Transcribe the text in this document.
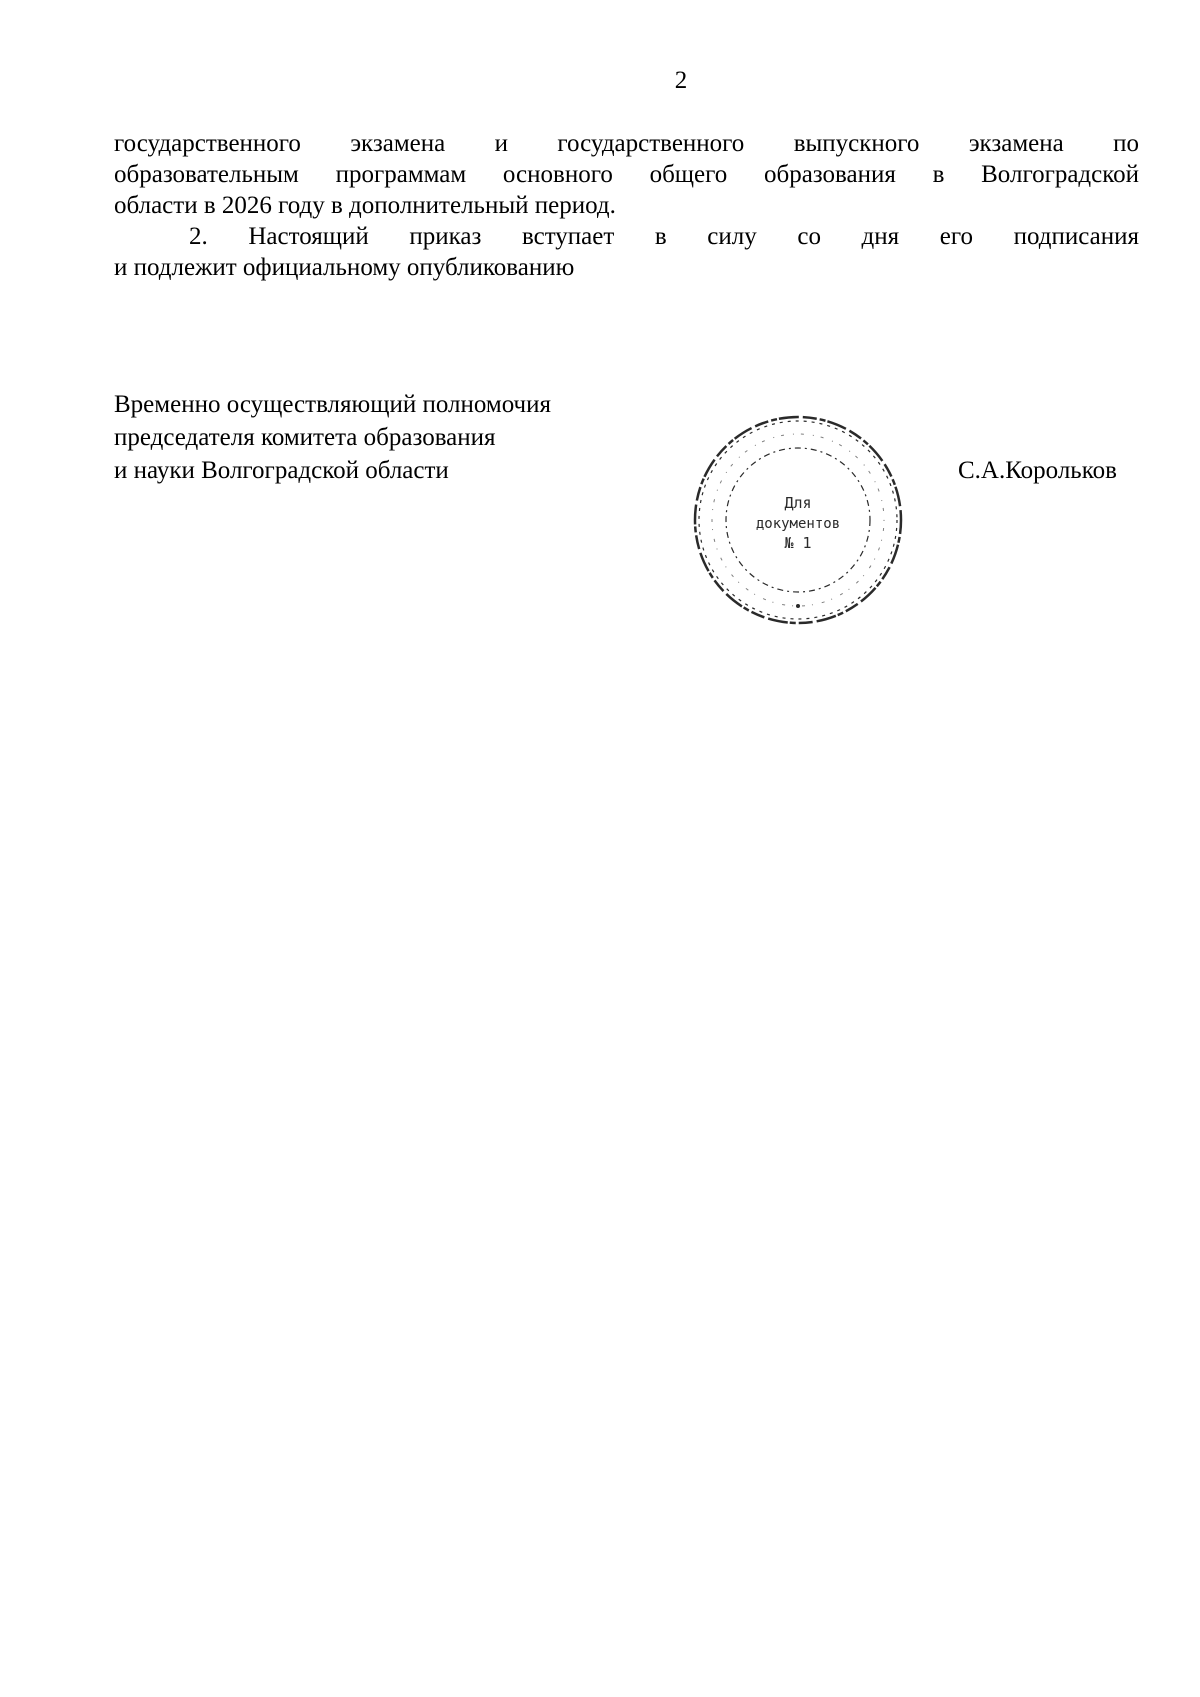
2
государственного экзамена и государственного выпускного экзамена по
образовательным программам основного общего образования в Волгоградской
области в 2026 году в дополнительный период.
2. Настоящий приказ вступает в силу со дня его подписания
и подлежит официальному опубликованию
Временно осуществляющий полномочия
председателя комитета образования
и науки Волгоградской области
Для
документов
№ 1
С.А.Корольков
